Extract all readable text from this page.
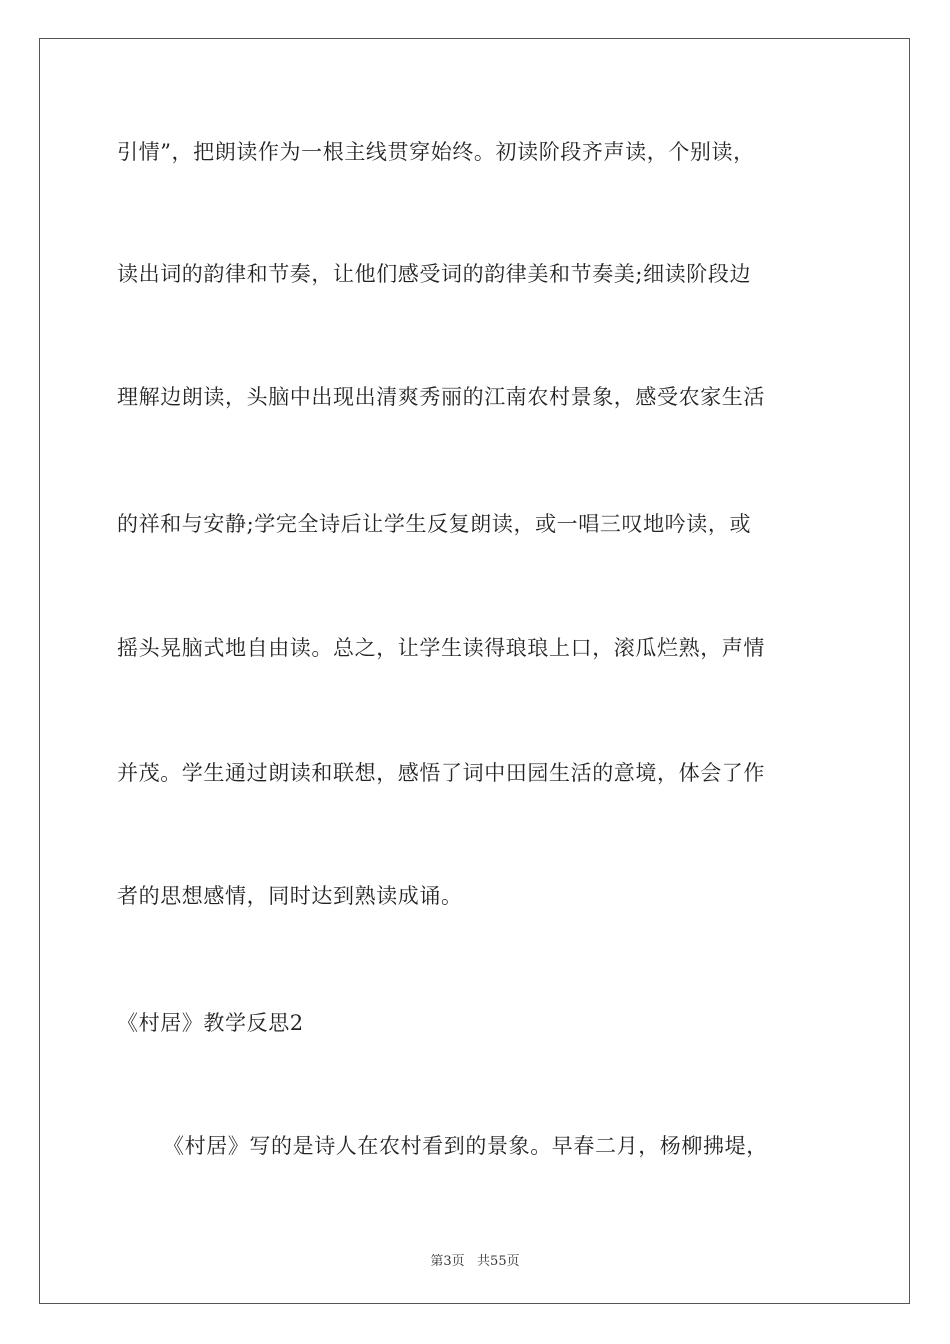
引情”，把朗读作为一根主线贯穿始终。初读阶段齐声读，个别读，
读出词的韵律和节奏，让他们感受词的韵律美和节奏美;细读阶段边
理解边朗读，头脑中出现出清爽秀丽的江南农村景象，感受农家生活
的祥和与安静;学完全诗后让学生反复朗读，或一唱三叹地吟读，或
摇头晃脑式地自由读。总之，让学生读得琅琅上口，滚瓜烂熟，声情
并茂。学生通过朗读和联想，感悟了词中田园生活的意境，体会了作
者的思想感情，同时达到熟读成诵。
《村居》教学反思2
《村居》写的是诗人在农村看到的景象。早春二月，杨柳拂堤，
第3页   共55页
